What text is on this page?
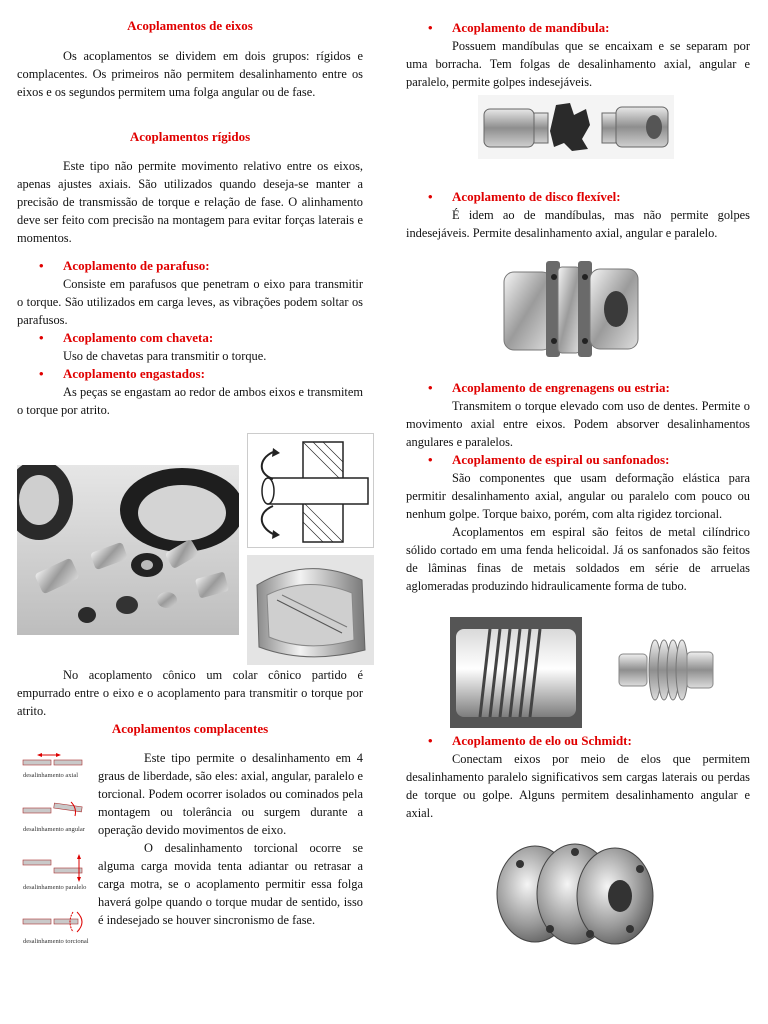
Acoplamentos de eixos

Os acoplamentos se dividem em dois grupos: rígidos e complacentes. Os primeiros não permitem desalinhamento entre os eixos e os segundos permitem uma folga angular ou de fase.

Acoplamentos rígidos

Este tipo não permite movimento relativo entre os eixos, apenas ajustes axiais. São utilizados quando deseja-se manter a precisão de transmissão de torque e relação de fase. O alinhamento deve ser feito com precisão na montagem para evitar forças laterais e momentos.

• Acoplamento de parafuso:

Consiste em parafusos que penetram o eixo para transmitir o torque. São utilizados em carga leves, as vibrações podem soltar os parafusos.

• Acoplamento com chaveta:

Uso de chavetas para transmitir o torque.

• Acoplamento engastados:

As peças se engastam ao redor de ambos eixos e transmitem o torque por atrito.

No acoplamento cônico um colar cônico partido é empurrado entre o eixo e o acoplamento para transmitir o torque por atrito.

Acoplamentos complacentes
desalinhamento axial
desalinhamento angular
desalinhamento paralelo
desalinhamento torcional

Este tipo permite o desalinhamento em 4 graus de liberdade, são eles: axial, angular, paralelo e torcional. Podem ocorrer isolados ou cominados pela montagem ou tolerância ou surgem durante a operação devido movimentos de eixo.

O desalinhamento torcional ocorre se alguma carga movida tenta adiantar ou retrasar a carga motra, se o acoplamento permitir essa folga haverá golpe quando o torque mudar de sentido, isso é indesejado se houver sincronismo de fase.

• Acoplamento de mandíbula:

Possuem mandíbulas que se encaixam e se separam por uma borracha. Tem folgas de desalinhamento axial, angular e paralelo, permite golpes indesejáveis.

• Acoplamento de disco flexível:

É idem ao de mandíbulas, mas não permite golpes indesejáveis. Permite desalinhamento axial, angular e paralelo.

• Acoplamento de engrenagens ou estria:

Transmitem o torque elevado com uso de dentes. Permite o movimento axial entre eixos. Podem absorver desalinhamentos angulares e paralelos.

• Acoplamento de espiral ou sanfonados:

São componentes que usam deformação elástica para permitir desalinhamento axial, angular ou paralelo com pouco ou nenhum golpe. Torque baixo, porém, com alta rigidez torcional.

Acoplamentos em espiral são feitos de metal cilíndrico sólido cortado em uma fenda helicoidal. Já os sanfonados são feitos de lâminas finas de metais soldados em série de arruelas aglomeradas produzindo hidraulicamente forma de tubo.

• Acoplamento de elo ou Schmidt:

Conectam eixos por meio de elos que permitem desalinhamento paralelo significativos sem cargas laterais ou perdas de torque ou golpe. Alguns permitem desalinhamento angular e axial.
